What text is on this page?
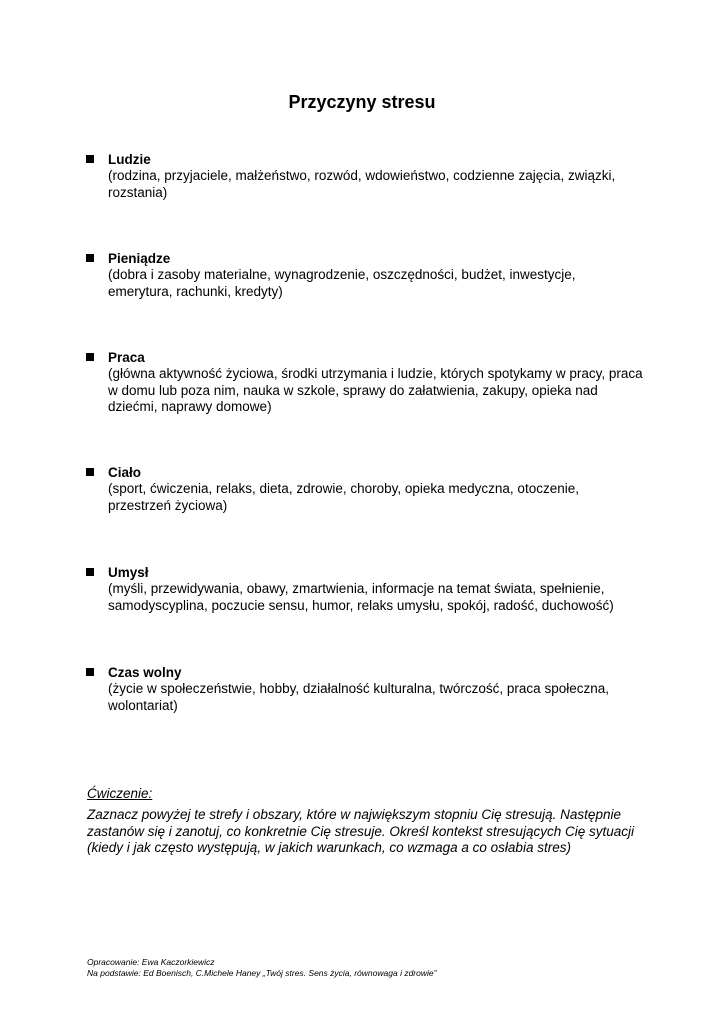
Przyczyny stresu
Ludzie
(rodzina, przyjaciele, małżeństwo, rozwód, wdowieństwo, codzienne zajęcia, związki, rozstania)
Pieniądze
(dobra i zasoby materialne, wynagrodzenie, oszczędności, budżet, inwestycje, emerytura, rachunki, kredyty)
Praca
(główna aktywność życiowa, środki utrzymania i ludzie, których spotykamy w pracy, praca w domu lub poza nim, nauka w szkole, sprawy do załatwienia, zakupy, opieka nad dziećmi, naprawy domowe)
Ciało
(sport, ćwiczenia, relaks, dieta, zdrowie, choroby, opieka medyczna, otoczenie, przestrzeń życiowa)
Umysł
(myśli, przewidywania, obawy, zmartwienia, informacje na temat świata, spełnienie, samodyscyplina, poczucie sensu, humor, relaks umysłu, spokój, radość, duchowość)
Czas wolny
(życie w społeczeństwie, hobby, działalność kulturalna, twórczość, praca społeczna, wolontariat)
Ćwiczenie:
Zaznacz powyżej te strefy i obszary, które w największym stopniu Cię stresują. Następnie zastanów się i zanotuj, co konkretnie Cię stresuje. Określ kontekst stresujących Cię sytuacji (kiedy i jak często występują, w jakich warunkach, co wzmaga a co osłabia stres)
Opracowanie: Ewa Kaczorkiewicz
Na podstawie: Ed Boenisch, C.Michele Haney „Twój stres. Sens życia, równowaga i zdrowie”
